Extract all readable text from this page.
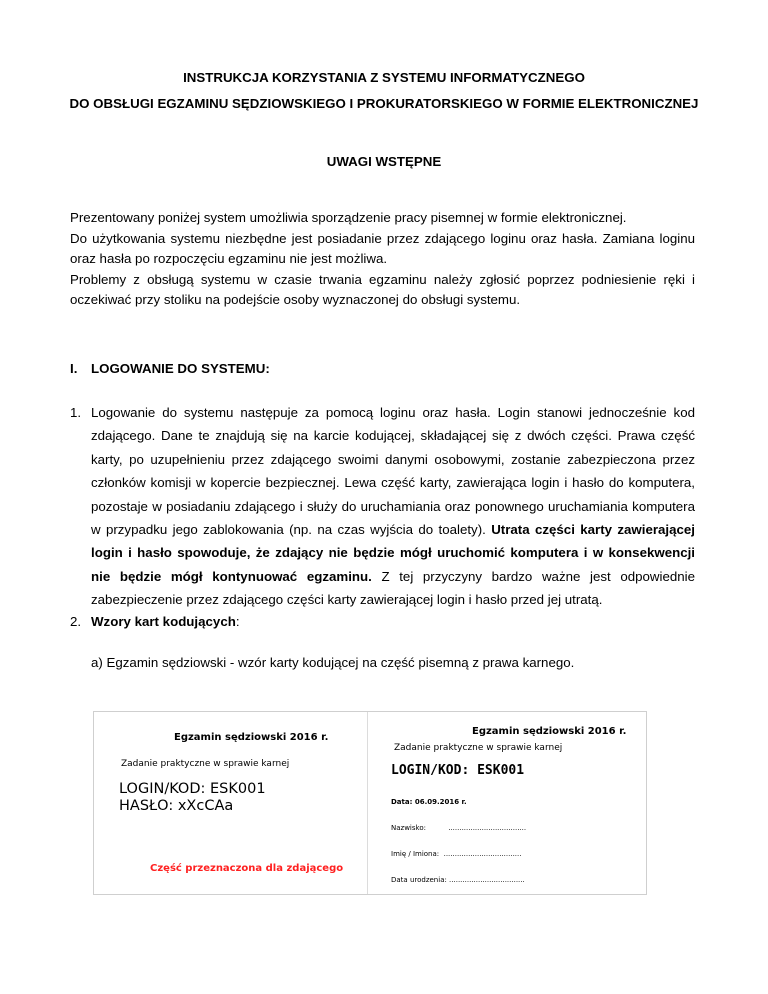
INSTRUKCJA KORZYSTANIA Z SYSTEMU INFORMATYCZNEGO
DO OBSŁUGI EGZAMINU SĘDZIOWSKIEGO I PROKURATORSKIEGO W FORMIE ELEKTRONICZNEJ
UWAGI WSTĘPNE

Prezentowany poniżej system umożliwia sporządzenie pracy pisemnej w formie elektronicznej.

Do użytkowania systemu niezbędne jest posiadanie przez zdającego loginu oraz hasła. Zamiana loginu oraz hasła po rozpoczęciu egzaminu nie jest możliwa.

Problemy z obsługą systemu w czasie trwania egzaminu należy zgłosić poprzez podniesienie ręki i oczekiwać przy stoliku na podejście osoby wyznaczonej do obsługi systemu.

I. LOGOWANIE DO SYSTEMU:
1. Logowanie do systemu następuje za pomocą loginu oraz hasła. Login stanowi jednocześnie kod zdającego. Dane te znajdują się na karcie kodującej, składającej się z dwóch części. Prawa część karty, po uzupełnieniu przez zdającego swoimi danymi osobowymi, zostanie zabezpieczona przez członków komisji w kopercie bezpiecznej. Lewa część karty, zawierająca login i hasło do komputera, pozostaje w posiadaniu zdającego i służy do uruchamiania oraz ponownego uruchamiania komputera w przypadku jego zablokowania (np. na czas wyjścia do toalety). Utrata części karty zawierającej login i hasło spowoduje, że zdający nie będzie mógł uruchomić komputera i w konsekwencji nie będzie mógł kontynuować egzaminu. Z tej przyczyny bardzo ważne jest odpowiednie zabezpieczenie przez zdającego części karty zawierającej login i hasło przed jej utratą.
2. Wzory kart kodujących:
a) Egzamin sędziowski - wzór karty kodującej na część pisemną z prawa karnego.
Egzamin sędziowski 2016 r.
Zadanie praktyczne w sprawie karnej
LOGIN/KOD: ESK001
HASŁO: xXcCAa
Część przeznaczona dla zdającego
Egzamin sędziowski 2016 r.
Zadanie praktyczne w sprawie karnej
LOGIN/KOD: ESK001
Data: 06.09.2016 r.
Nazwisko:          ...................................
Imię / Imiona:  ...................................
Data urodzenia: ..................................
